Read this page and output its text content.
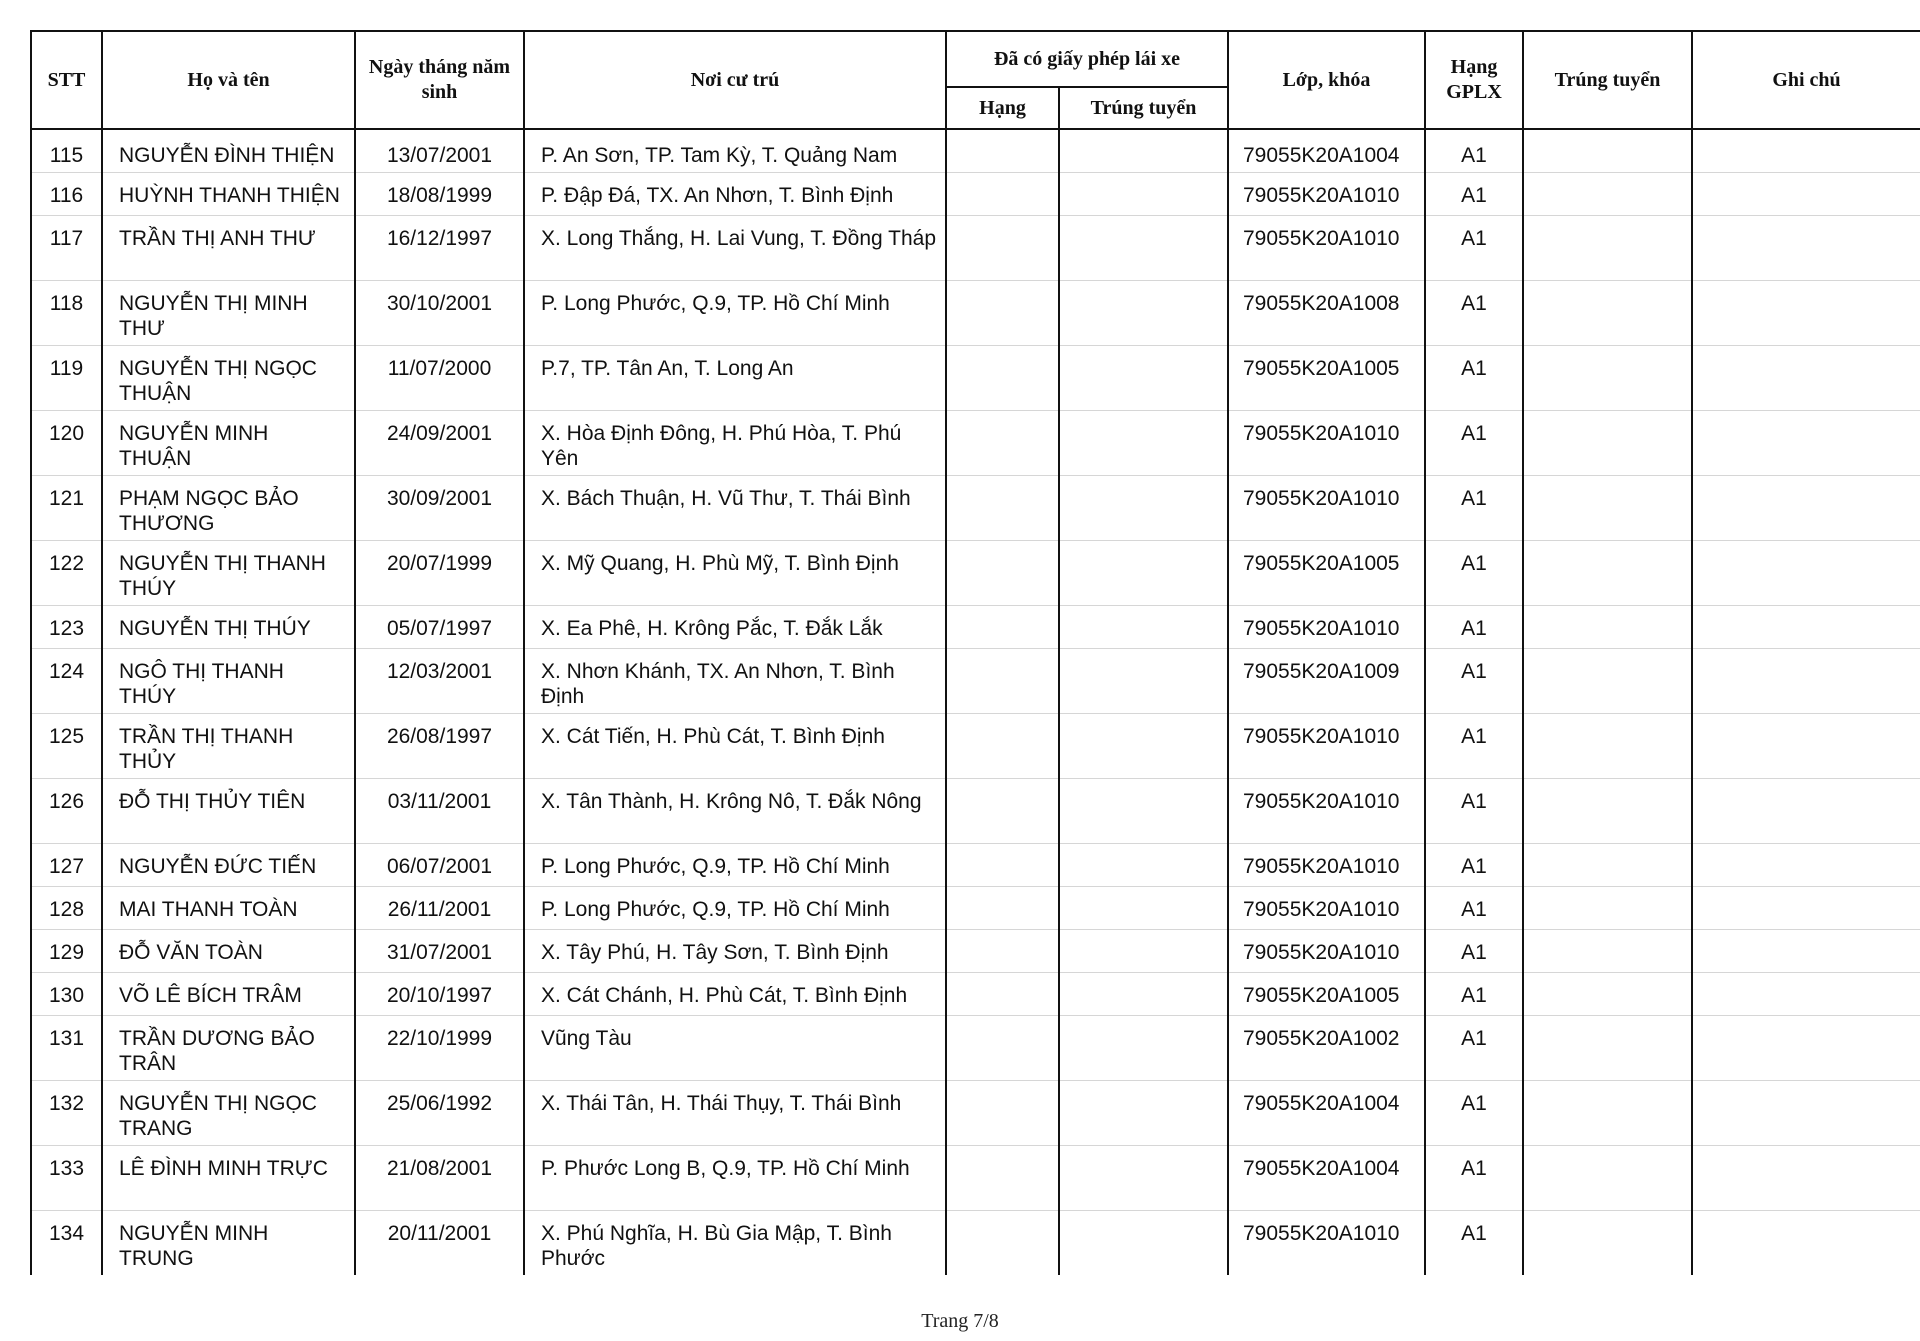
STT	Họ và tên	Ngày tháng năm sinh	Nơi cư trú	Đã có giấy phép lái xe		Lớp, khóa	Hạng GPLX	Trúng tuyển	Ghi chú
				Hạng	Trúng tuyển				
115	NGUYỄN ĐÌNH THIỆN	13/07/2001	P. An Sơn, TP. Tam Kỳ, T. Quảng Nam			79055K20A1004	A1		
116	HUỲNH THANH THIỆN	18/08/1999	P. Đập Đá, TX. An Nhơn, T. Bình Định			79055K20A1010	A1		
117	TRẦN THỊ ANH THƯ	16/12/1997	X. Long Thắng, H. Lai Vung, T. Đồng Tháp			79055K20A1010	A1		
118	NGUYỄN THỊ MINH THƯ	30/10/2001	P. Long Phước, Q.9, TP. Hồ Chí Minh			79055K20A1008	A1		
119	NGUYỄN THỊ NGỌC THUẬN	11/07/2000	P.7, TP. Tân An, T. Long An			79055K20A1005	A1		
120	NGUYỄN MINH THUẬN	24/09/2001	X. Hòa Định Đông, H. Phú Hòa, T. Phú Yên			79055K20A1010	A1		
121	PHẠM NGỌC BẢO THƯƠNG	30/09/2001	X. Bách Thuận, H. Vũ Thư, T. Thái Bình			79055K20A1010	A1		
122	NGUYỄN THỊ THANH THÚY	20/07/1999	X. Mỹ Quang, H. Phù Mỹ, T. Bình Định			79055K20A1005	A1		
123	NGUYỄN THỊ THÚY	05/07/1997	X. Ea Phê, H. Krông Pắc, T. Đắk Lắk			79055K20A1010	A1		
124	NGÔ THỊ THANH THÚY	12/03/2001	X. Nhơn Khánh, TX. An Nhơn, T. Bình Định			79055K20A1009	A1		
125	TRẦN THỊ THANH THỦY	26/08/1997	X. Cát Tiến, H. Phù Cát, T. Bình Định			79055K20A1010	A1		
126	ĐỖ THỊ THỦY TIÊN	03/11/2001	X. Tân Thành, H. Krông Nô, T. Đắk Nông			79055K20A1010	A1		
127	NGUYỄN ĐỨC TIẾN	06/07/2001	P. Long Phước, Q.9, TP. Hồ Chí Minh			79055K20A1010	A1		
128	MAI THANH TOÀN	26/11/2001	P. Long Phước, Q.9, TP. Hồ Chí Minh			79055K20A1010	A1		
129	ĐỖ VĂN TOÀN	31/07/2001	X. Tây Phú, H. Tây Sơn, T. Bình Định			79055K20A1010	A1		
130	VÕ LÊ BÍCH TRÂM	20/10/1997	X. Cát Chánh, H. Phù Cát, T. Bình Định			79055K20A1005	A1		
131	TRẦN DƯƠNG BẢO TRÂN	22/10/1999	Vũng Tàu			79055K20A1002	A1		
132	NGUYỄN THỊ NGỌC TRANG	25/06/1992	X. Thái Tân, H. Thái Thụy, T. Thái Bình			79055K20A1004	A1		
133	LÊ ĐÌNH MINH TRỰC	21/08/2001	P. Phước Long B, Q.9, TP. Hồ Chí Minh			79055K20A1004	A1		
134	NGUYỄN MINH TRUNG	20/11/2001	X. Phú Nghĩa, H. Bù Gia Mập, T. Bình Phước			79055K20A1010	A1		
Trang 7/8
